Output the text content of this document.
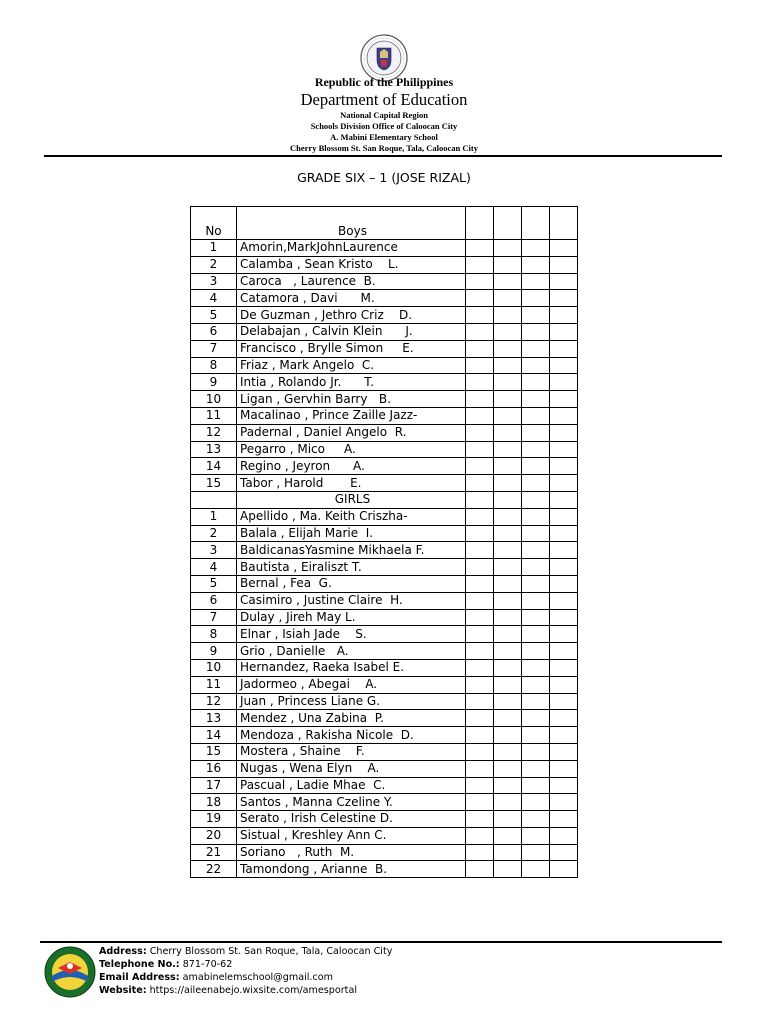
Republic of the Philippines
Department of Education
National Capital Region
Schools Division Office of Caloocan City
A. Mabini Elementary School
Cherry Blossom St. San Roque, Tala, Caloocan City
GRADE SIX – 1 (JOSE RIZAL)
No	Boys				
1	Amorin,MarkJohnLaurence				
2	Calamba , Sean Kristo    L.				
3	Caroca   , Laurence  B.				
4	Catamora , Davi      M.				
5	De Guzman , Jethro Criz    D.				
6	Delabajan , Calvin Klein      J.				
7	Francisco , Brylle Simon     E.				
8	Friaz , Mark Angelo  C.				
9	Intia , Rolando Jr.      T.				
10	Ligan , Gervhin Barry   B.				
11	Macalinao , Prince Zaille Jazz-				
12	Padernal , Daniel Angelo  R.				
13	Pegarro , Mico     A.				
14	Regino , Jeyron      A.				
15	Tabor , Harold       E.				
	GIRLS				
1	Apellido , Ma. Keith Criszha-				
2	Balala , Elijah Marie  I.				
3	BaldicanasYasmine Mikhaela F.				
4	Bautista , Eiraliszt T.				
5	Bernal , Fea  G.				
6	Casimiro , Justine Claire  H.				
7	Dulay , Jireh May L.				
8	Elnar , Isiah Jade    S.				
9	Grio , Danielle   A.				
10	Hernandez, Raeka Isabel E.				
11	Jadormeo , Abegai    A.				
12	Juan , Princess Liane G.				
13	Mendez , Una Zabina  P.				
14	Mendoza , Rakisha Nicole  D.				
15	Mostera , Shaine    F.				
16	Nugas , Wena Elyn    A.				
17	Pascual , Ladie Mhae  C.				
18	Santos , Manna Czeline Y.				
19	Serato , Irish Celestine D.				
20	Sistual , Kreshley Ann C.				
21	Soriano   , Ruth  M.				
22	Tamondong , Arianne  B.				
Address: Cherry Blossom St. San Roque, Tala, Caloocan City
Telephone No.: 871-70-62
Email Address: amabinelemschool@gmail.com
Website: https://aileenabejo.wixsite.com/amesportal
